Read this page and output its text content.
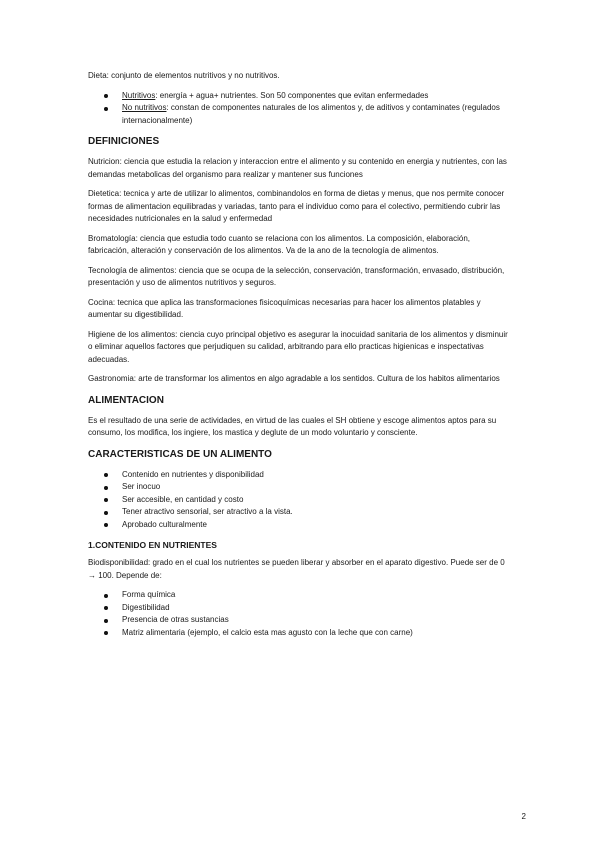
Dieta: conjunto de elementos nutritivos y no nutritivos.

Nutritivos: energía + agua+ nutrientes. Son 50 componentes que evitan enfermedades
No nutritivos: constan de componentes naturales de los alimentos y, de aditivos y contaminates (regulados internacionalmente)
DEFINICIONES

Nutricion: ciencia que estudia la relacion y interaccion entre el alimento y su contenido en energia y nutrientes, con las demandas metabolicas del organismo para realizar y mantener sus funciones

Dietetica: tecnica y arte de utilizar lo alimentos, combinandolos en forma de dietas y menus, que nos permite conocer formas de alimentacion equilibradas y variadas, tanto para el individuo como para el colectivo, permitiendo cubrir las necesidades nutricionales en la salud y enfermedad

Bromatología: ciencia que estudia todo cuanto se relaciona con los alimentos. La composición, elaboración, fabricación, alteración y conservación de los alimentos. Va de la ano de la tecnología de alimentos.

Tecnología de alimentos: ciencia que se ocupa de la selección, conservación, transformación, envasado, distribución, presentación y uso de alimentos nutritivos y seguros.

Cocina: tecnica que aplica las transformaciones fisicoquímicas necesarias para hacer los alimentos platables y aumentar su digestibilidad.

Higiene de los alimentos: ciencia cuyo principal objetivo es asegurar la inocuidad sanitaria de los alimentos y disminuir o eliminar aquellos factores que perjudiquen su calidad, arbitrando para ello practicas higienicas e inspectativas adecuadas.

Gastronomia: arte de transformar los alimentos en algo agradable a los sentidos. Cultura de los habitos alimentarios

ALIMENTACION

Es el resultado de una serie de actividades, en virtud de las cuales el SH obtiene y escoge alimentos aptos para su consumo, los modifica, los ingiere, los mastica y deglute de un modo voluntario y consciente.

CARACTERISTICAS DE UN ALIMENTO
Contenido en nutrientes y disponibilidad
Ser inocuo
Ser accesible, en cantidad y costo
Tener atractivo sensorial, ser atractivo a la vista.
Aprobado culturalmente
1.CONTENIDO EN NUTRIENTES

Biodisponibilidad: grado en el cual los nutrientes se pueden liberar y absorber en el aparato digestivo. Puede ser de 0 → 100. Depende de:

Forma química
Digestibilidad
Presencia de otras sustancias
Matriz alimentaria (ejemplo, el calcio esta mas agusto con la leche que con carne)
2
